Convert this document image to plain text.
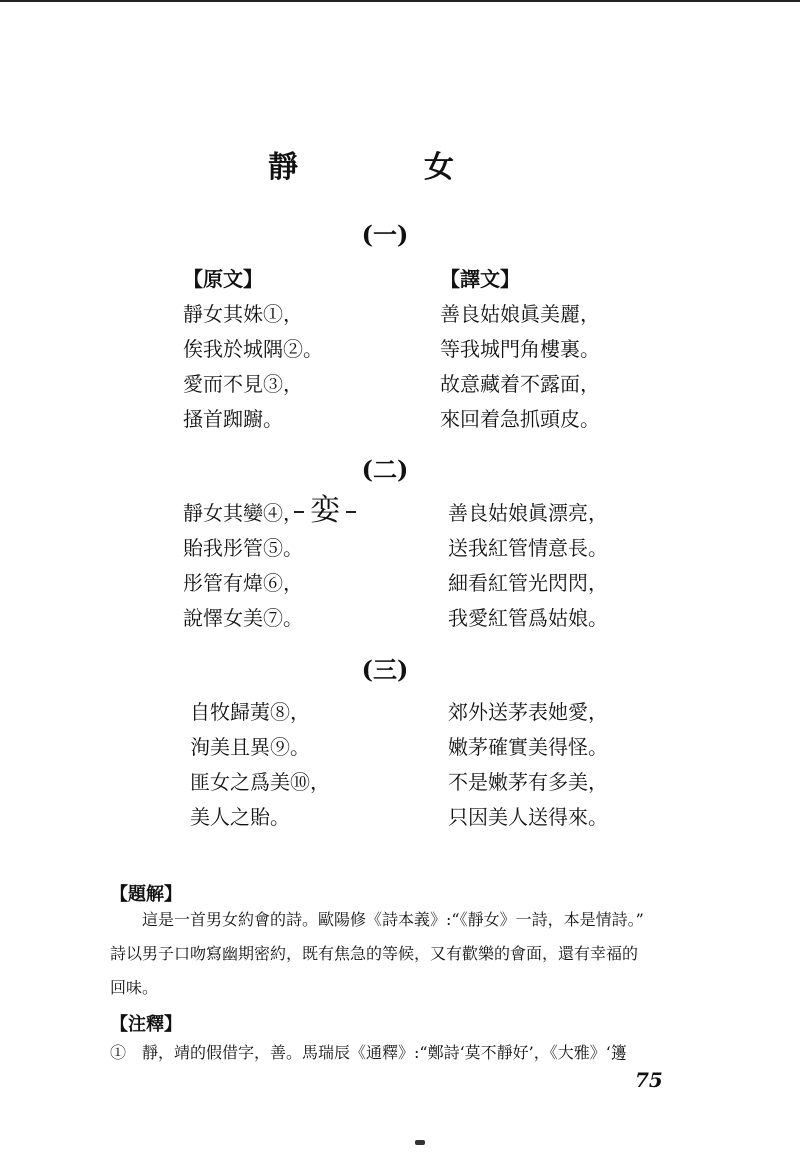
靜　女
(一)
【原文】
靜女其姝①，
俟我於城隅②。
愛而不見③，
搔首踟躕。
【譯文】
善良姑娘眞美麗，
等我城門角樓裏。
故意藏着不露面，
來回着急抓頭皮。
(二)
靜女其孌④，
貽我彤管⑤。
彤管有煒⑥，
說懌女美⑦。
善良姑娘眞漂亮，
送我紅管情意長。
細看紅管光閃閃，
我愛紅管爲姑娘。
娈
(三)
自牧歸荑⑧，
洵美且異⑨。
匪女之爲美⑩，
美人之貽。
郊外送茅表她愛，
嫩茅確實美得怪。
不是嫩茅有多美，
只因美人送得來。
【題解】
這是一首男女約會的詩。歐陽修《詩本義》:“《靜女》一詩，本是情詩。”
詩以男子口吻寫幽期密約，既有焦急的等候，又有歡樂的會面，還有幸福的
回味。
【注釋】
①　靜，靖的假借字，善。馬瑞辰《通釋》:“鄭詩‘莫不靜好’，《大雅》‘籩
75
